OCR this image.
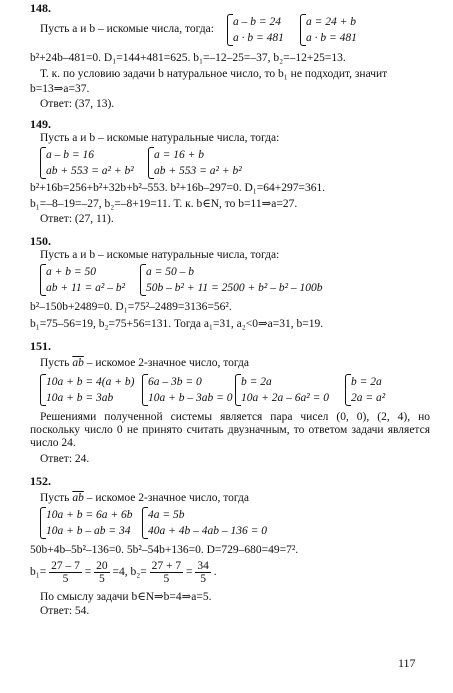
148.
Пусть a и b – искомые числа, тогда:
a – b = 24
a · b = 481
a = 24 + b
a · b = 481
b²+24b–481=0. D₁=144+481=625. b₁=–12–25=–37, b₂=–12+25=13.
Т. к. по условию задачи b натуральное число, то b₁ не подходит, значит
b=13⇒a=37.
Ответ: (37, 13).
149.
Пусть a и b – искомые натуральные числа, тогда:
a – b = 16
ab + 553 = a² + b²
a = 16 + b
ab + 553 = a² + b²
b²+16b=256+b²+32b+b²–553. b²+16b–297=0. D₁=64+297=361.
b₁=–8–19=–27, b₂=–8+19=11. Т. к. b∈N, то b=11⇒a=27.
Ответ: (27, 11).
150.
Пусть a и b – искомые натуральные числа, тогда:
a + b = 50
ab + 11 = a² – b²
a = 50 – b
50b – b² + 11 = 2500 + b² – b² – 100b
b²–150b+2489=0. D₁=75²–2489=3136=56².
b₁=75–56=19, b₂=75+56=131. Тогда a₁=31, a₂<0⇒a=31, b=19.
151.
Пусть $\overline{ab}$ – искомое 2-значное число, тогда
10a + b = 4(a + b)
10a + b = 3ab
6a – 3b = 0
10a + b – 3ab = 0
b = 2a
10a + 2a – 6a² = 0
b = 2a
2a = a²
Решениями полученной системы является пара чисел (0, 0), (2, 4), но поскольку число 0 не принято считать двузначным, то ответом задачи является число 24.
Ответ: 24.
152.
Пусть $\overline{ab}$ – искомое 2-значное число, тогда
10a + b = 6a + 6b
10a + b – ab = 34
4a = 5b
40a + 4b – 4ab – 136 = 0
50b+4b–5b²–136=0. 5b²–54b+136=0. D=729–680=49=7².
$b_1= \frac{27 - 7}{5} = \frac{20}{5} =4$, $b_2= \frac{27 + 7}{5} = \frac{34}{5}$ .
По смыслу задачи b∈N⇒b=4⇒a=5.
Ответ: 54.
117
